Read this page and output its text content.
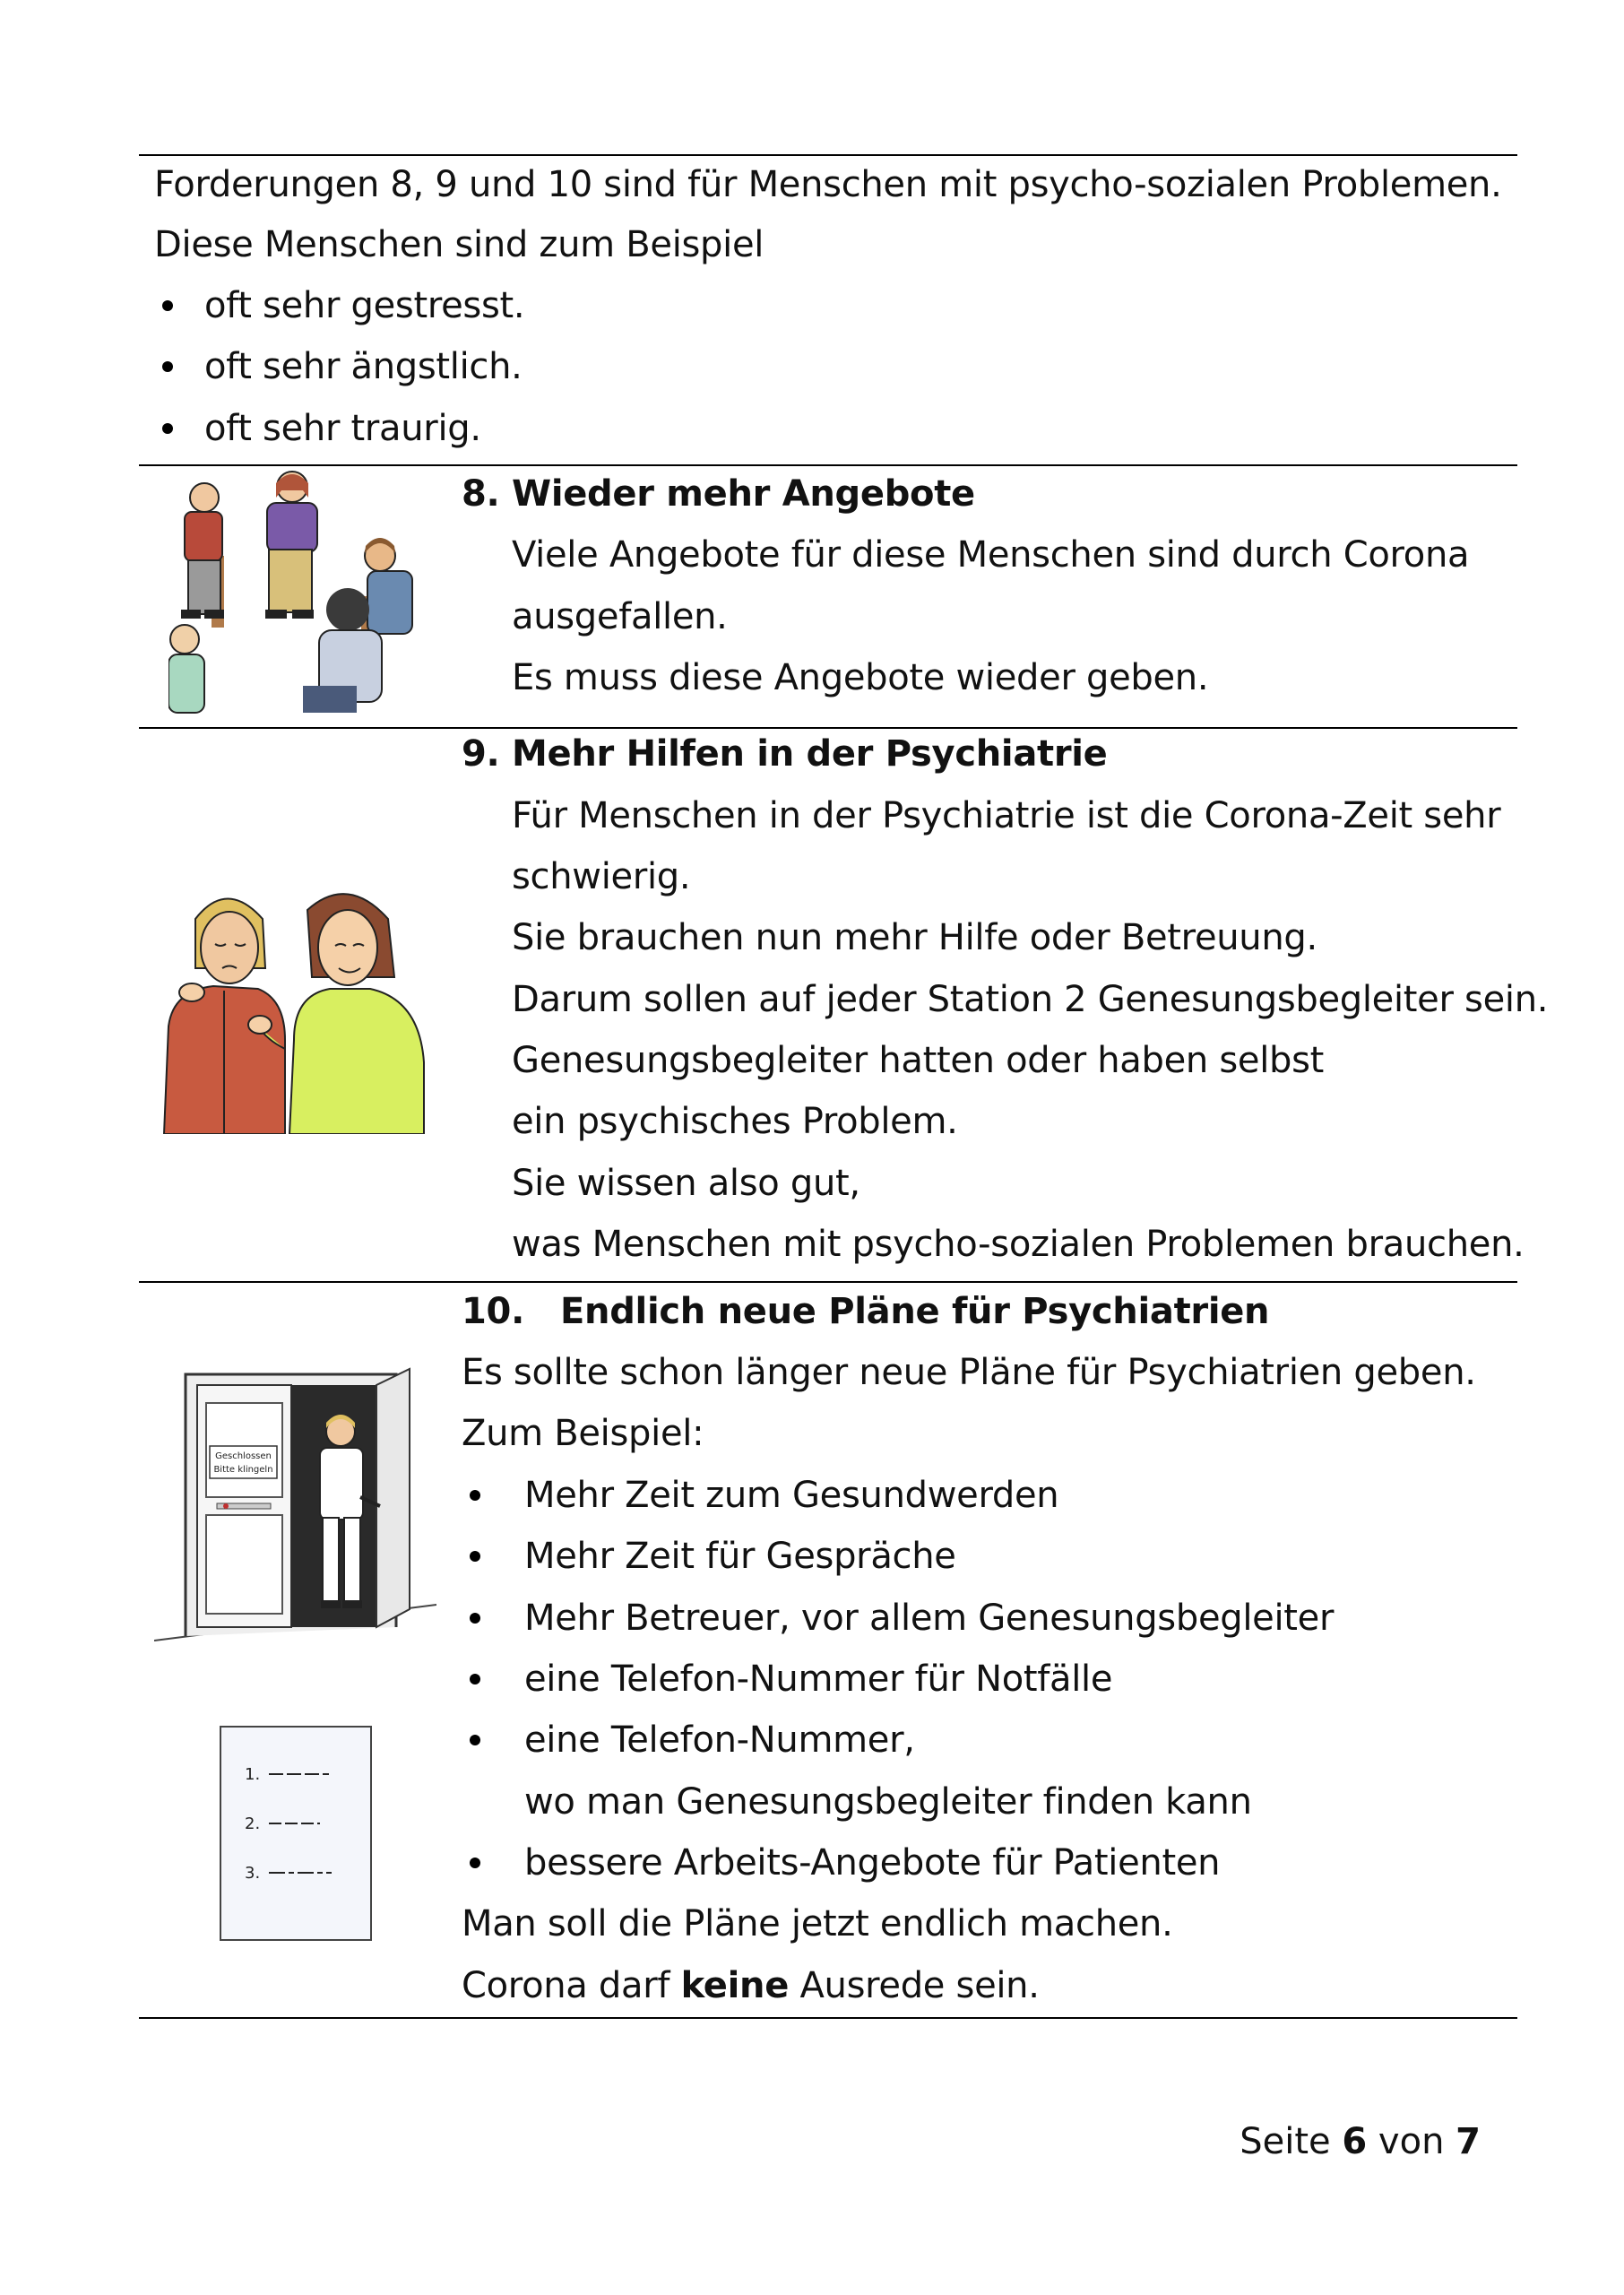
Forderungen 8, 9 und 10 sind für Menschen mit psycho-sozialen Problemen.
Diese Menschen sind zum Beispiel
oft sehr gestresst.
oft sehr ängstlich.
oft sehr traurig.
8. Wieder mehr Angebote
Viele Angebote für diese Menschen sind durch Corona
ausgefallen.
Es muss diese Angebote wieder geben.
9. Mehr Hilfen in der Psychiatrie
Für Menschen in der Psychiatrie ist die Corona-Zeit sehr
schwierig.
Sie brauchen nun mehr Hilfe oder Betreuung.
Darum sollen auf jeder Station 2 Genesungsbegleiter sein.
Genesungsbegleiter hatten oder haben selbst
ein psychisches Problem.
Sie wissen also gut,
was Menschen mit psycho-sozialen Problemen brauchen.
Geschlossen
Bitte klingeln
1.
2.
3.
10. Endlich neue Pläne für Psychiatrien
Es sollte schon länger neue Pläne für Psychiatrien geben.
Zum Beispiel:
Mehr Zeit zum Gesundwerden
Mehr Zeit für Gespräche
Mehr Betreuer, vor allem Genesungsbegleiter
eine Telefon-Nummer für Notfälle
eine Telefon-Nummer,
wo man Genesungsbegleiter finden kann
bessere Arbeits-Angebote für Patienten
Man soll die Pläne jetzt endlich machen.
Corona darf keine Ausrede sein.
Seite 6 von 7
